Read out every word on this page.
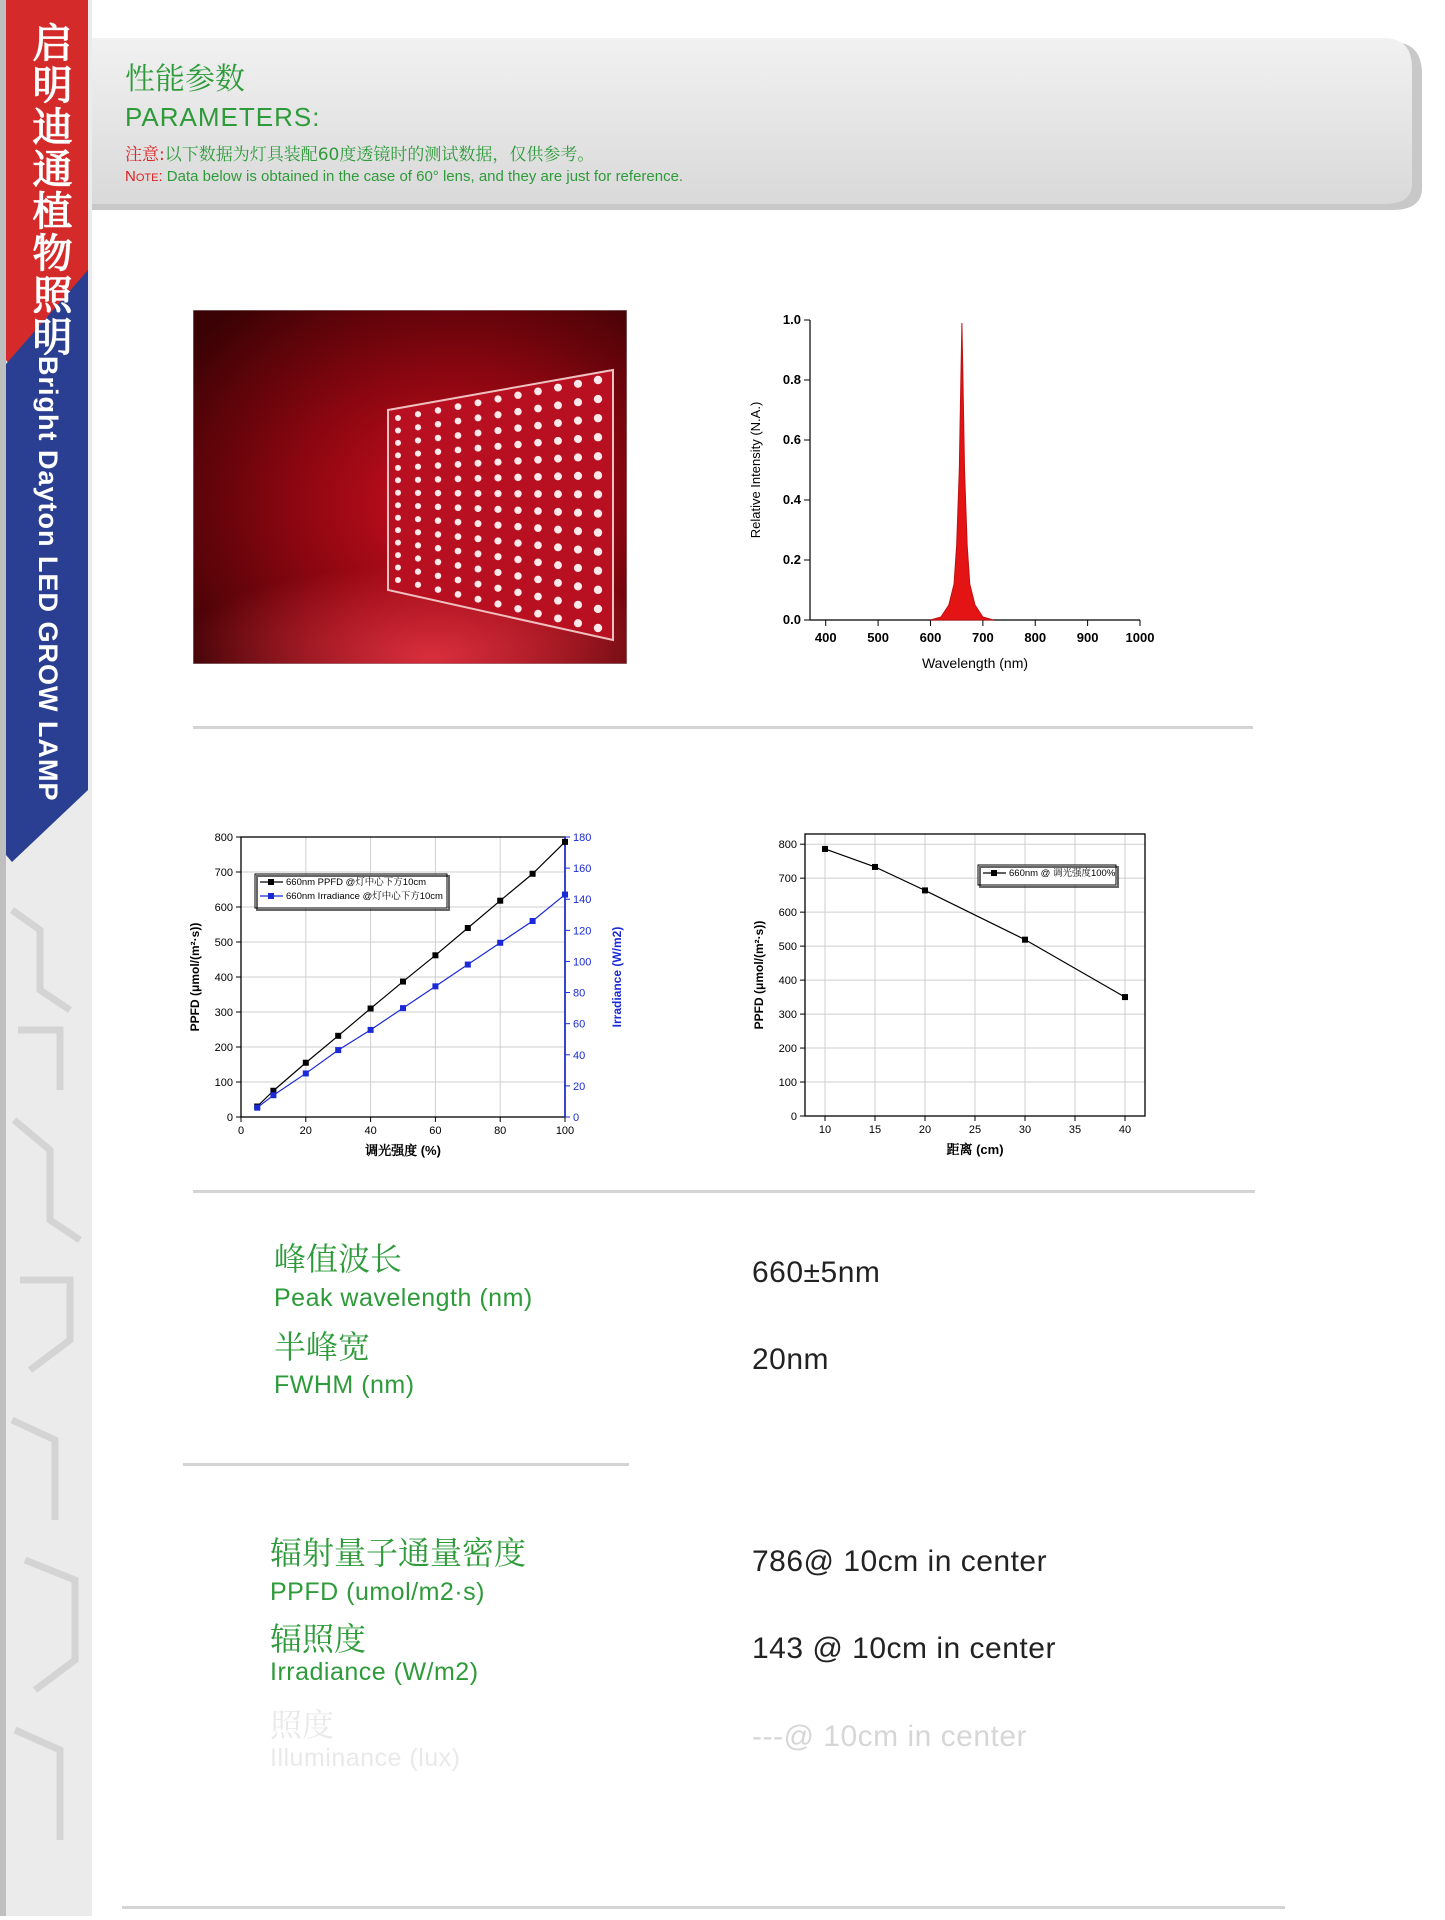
启明迪通植物照明
Bright Dayton LED GROW LAMP
性能参数
PARAMETERS:
注意:以下数据为灯具装配60度透镜时的测试数据，仅供参考。
Note: Data below is obtained in the case of 60° lens, and they are just for reference.
400 500 600 700 800 900 1000
0.0
0.2
0.4
0.6
0.8
1.0
Wavelength (nm)
Relative Intensity (N.A.)
0	20	40	60	80	100
0
100
200
300
400
500
600
700
800
调光强度 (%)
PPFD (μmol/(m²·s))
0
20
40
60
80
100
120
140
160
180
Irradiance (W/m2)
660nm PPFD @灯中心下方10cm
660nm Irradiance @灯中心下方10cm
10	15	20	25	30	35	40
0
100
200
300
400
500
600
700
800
距离 (cm)
PPFD (μmol/(m²·s))
660nm @ 调光强度100%
峰值波长
Peak wavelength (nm)
660±5nm
半峰宽
FWHM (nm)
20nm
辐射量子通量密度
PPFD (umol/m2·s)
786@ 10cm in center
辐照度
Irradiance (W/m2)
143 @ 10cm in center
照度
Illuminance (lux)
---@ 10cm in center
